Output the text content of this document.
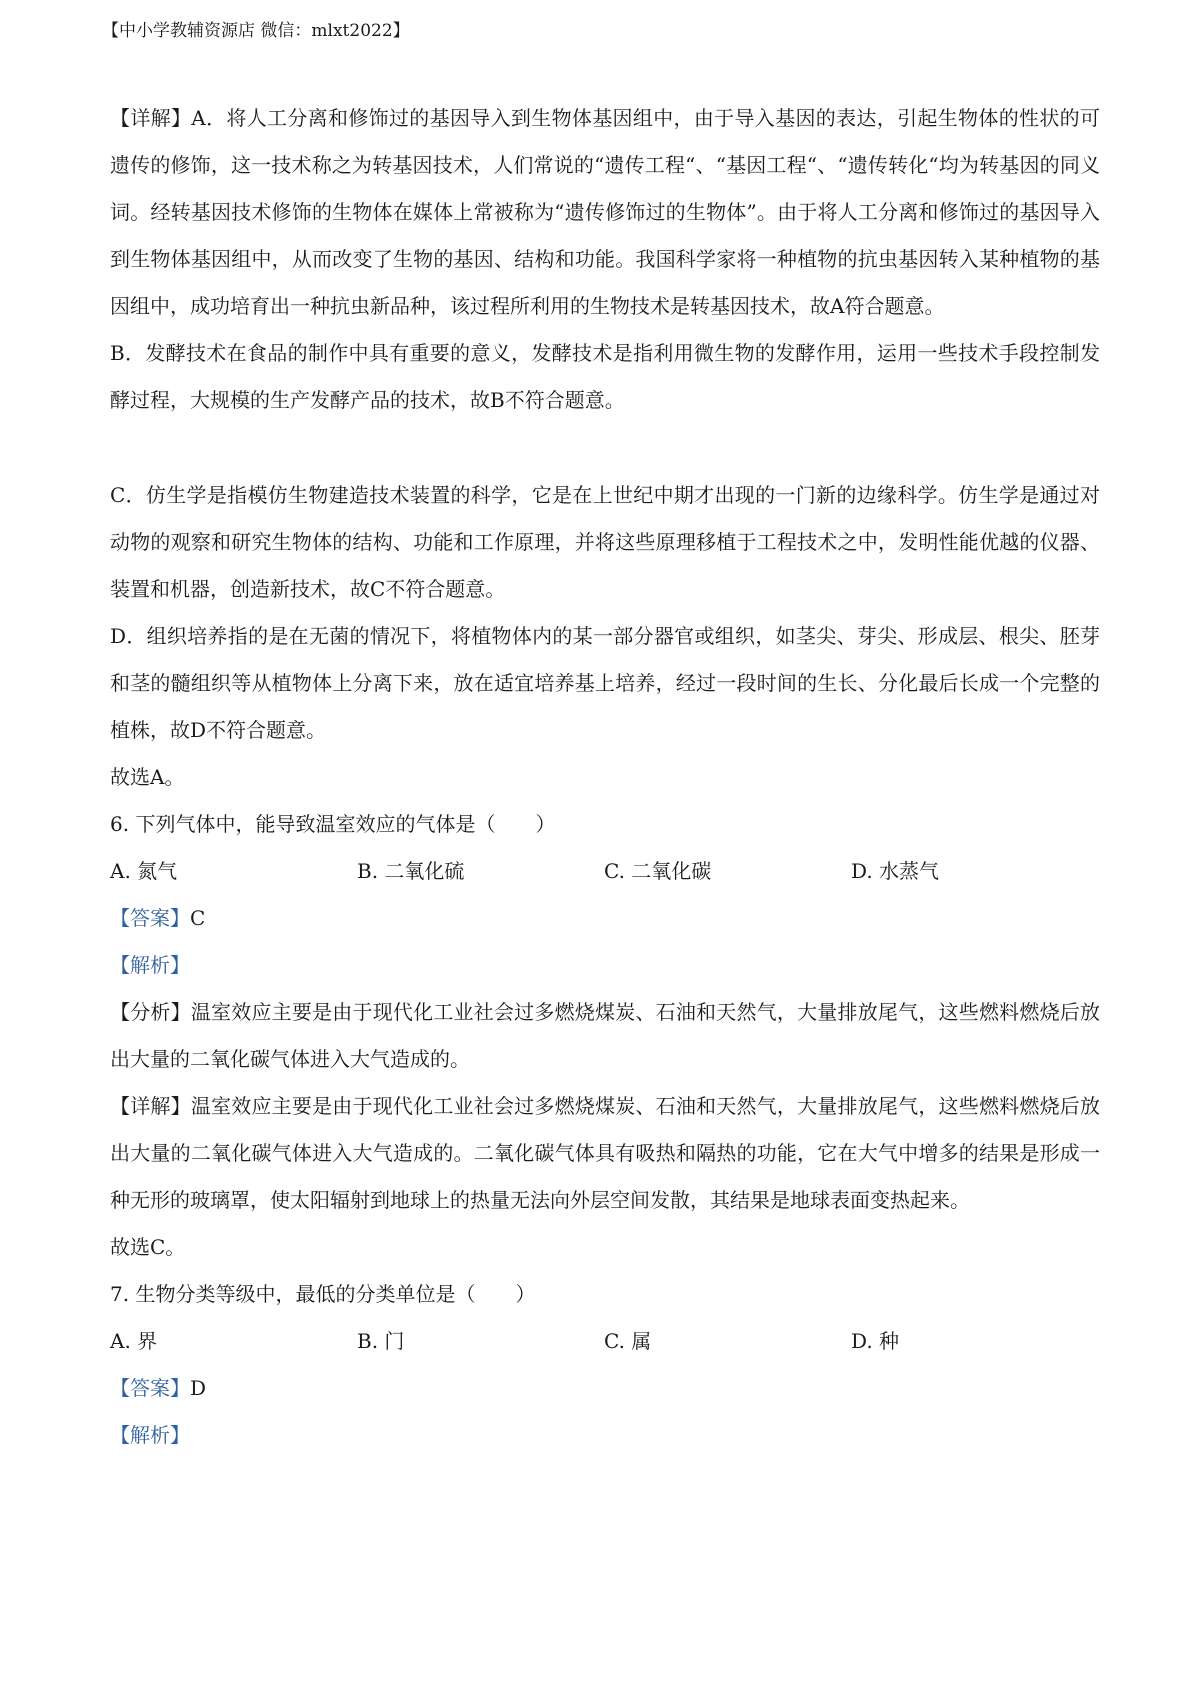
【中小学教辅资源店 微信：mlxt2022】

【详解】A．将人工分离和修饰过的基因导入到生物体基因组中，由于导入基因的表达，引起生物体的性状的可遗传的修饰，这一技术称之为转基因技术，人们常说的“遗传工程“、“基因工程“、“遗传转化“均为转基因的同义词。经转基因技术修饰的生物体在媒体上常被称为“遗传修饰过的生物体”。由于将人工分离和修饰过的基因导入到生物体基因组中，从而改变了生物的基因、结构和功能。我国科学家将一种植物的抗虫基因转入某种植物的基因组中，成功培育出一种抗虫新品种，该过程所利用的生物技术是转基因技术，故A符合题意。

B．发酵技术在食品的制作中具有重要的意义，发酵技术是指利用微生物的发酵作用，运用一些技术手段控制发酵过程，大规模的生产发酵产品的技术，故B不符合题意。

C．仿生学是指模仿生物建造技术装置的科学，它是在上世纪中期才出现的一门新的边缘科学。仿生学是通过对动物的观察和研究生物体的结构、功能和工作原理，并将这些原理移植于工程技术之中，发明性能优越的仪器、装置和机器，创造新技术，故C不符合题意。

D．组织培养指的是在无菌的情况下，将植物体内的某一部分器官或组织，如茎尖、芽尖、形成层、根尖、胚芽和茎的髓组织等从植物体上分离下来，放在适宜培养基上培养，经过一段时间的生长、分化最后长成一个完整的植株，故D不符合题意。

故选A。

6. 下列气体中，能导致温室效应的气体是（　　）

A. 氮气	B. 二氧化硫	C. 二氧化碳	D. 水蒸气

【答案】C

【解析】

【分析】温室效应主要是由于现代化工业社会过多燃烧煤炭、石油和天然气，大量排放尾气，这些燃料燃烧后放出大量的二氧化碳气体进入大气造成的。

【详解】温室效应主要是由于现代化工业社会过多燃烧煤炭、石油和天然气，大量排放尾气，这些燃料燃烧后放出大量的二氧化碳气体进入大气造成的。二氧化碳气体具有吸热和隔热的功能，它在大气中增多的结果是形成一种无形的玻璃罩，使太阳辐射到地球上的热量无法向外层空间发散，其结果是地球表面变热起来。

故选C。

7. 生物分类等级中，最低的分类单位是（　　）

A. 界	B. 门	C. 属	D. 种

【答案】D

【解析】
